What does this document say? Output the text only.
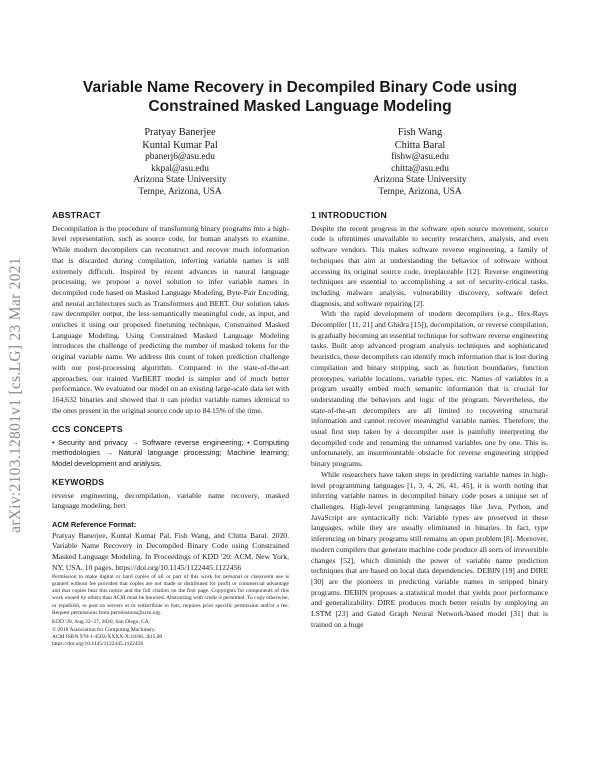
arXiv:2103.12801v1 [cs.LG] 23 Mar 2021
Variable Name Recovery in Decompiled Binary Code using Constrained Masked Language Modeling
Pratyay Banerjee
Kuntal Kumar Pal
pbanerj6@asu.edu
kkpal@asu.edu
Arizona State University
Tempe, Arizona, USA
Fish Wang
Chitta Baral
fishw@asu.edu
chitta@asu.edu
Arizona State University
Tempe, Arizona, USA
ABSTRACT

Decompilation is the procedure of transforming binary programs into a high-level representation, such as source code, for human analysts to examine. While modern decompilers can reconstruct and recover much information that is discarded during compilation, inferring variable names is still extremely difficult. Inspired by recent advances in natural language processing, we propose a novel solution to infer variable names in decompiled code based on Masked Language Modeling, Byte-Pair Encoding, and neural architectures such as Transformers and BERT. Our solution takes raw decompiler output, the less semantically meaningful code, as input, and enriches it using our proposed finetuning technique, Constrained Masked Language Modeling. Using Constrained Masked Language Modeling introduces the challenge of predicting the number of masked tokens for the original variable name. We address this count of token prediction challenge with our post-processing algorithm. Compared to the state-of-the-art approaches, our trained VarBERT model is simpler and of much better performance. We evaluated our model on an existing large-scale data set with 164,632 binaries and showed that it can predict variable names identical to the ones present in the original source code up to 84.15% of the time.

CCS CONCEPTS

• Security and privacy → Software reverse engineering; • Computing methodologies → Natural language processing; Machine learning; Model development and analysis.

KEYWORDS

reverse engineering, decompilation, variable name recovery, masked language modeling, bert

ACM Reference Format:

Pratyay Banerjee, Kuntal Kumar Pal, Fish Wang, and Chitta Baral. 2020. Variable Name Recovery in Decompiled Binary Code using Constrained Masked Language Modeling. In Proceedings of KDD '20. ACM, New York, NY, USA, 10 pages. https://doi.org/10.1145/1122445.1122456

Permission to make digital or hard copies of all or part of this work for personal or classroom use is granted without fee provided that copies are not made or distributed for profit or commercial advantage and that copies bear this notice and the full citation on the first page. Copyrights for components of this work owned by others than ACM must be honored. Abstracting with credit is permitted. To copy otherwise, or republish, to post on servers or to redistribute to lists, requires prior specific permission and/or a fee. Request permissions from permissions@acm.org.

KDD '20, Aug 22–27, 2020, San Diego, CA
© 2018 Association for Computing Machinery.
ACM ISBN 978-1-4503-XXXX-X/18/06...$15.00
https://doi.org/10.1145/1122445.1122456
1 INTRODUCTION

Despite the recent progress in the software open source movement, source code is oftentimes unavailable to security researchers, analysts, and even software vendors. This makes software reverse engineering, a family of techniques that aim at understanding the behavior of software without accessing its original source code, irreplaceable [12]. Reverse engineering techniques are essential to accomplishing a set of security-critical tasks, including malware analysis, vulnerability discovery, software defect diagnosis, and software repairing [2].

With the rapid development of modern decompilers (e.g., Hex-Rays Decompiler [11, 21] and Ghidra [15]), decompilation, or reverse compilation, is gradually becoming an essential technique for software reverse engineering tasks. Built atop advanced program analysis techniques and sophisticated heuristics, these decompilers can identify much information that is lost during compilation and binary stripping, such as function boundaries, function prototypes, variable locations, variable types, etc. Names of variables in a program usually embed much semantic information that is crucial for understanding the behaviors and logic of the program. Nevertheless, the state-of-the-art decompilers are all limited to recovering structural information and cannot recover meaningful variable names. Therefore, the usual first step taken by a decompiler user is painfully interpreting the decompiled code and renaming the unnamed variables one by one. This is, unfortunately, an insurmountable obstacle for reverse engineering stripped binary programs.

While researchers have taken steps in predicting variable names in high-level programming languages [1, 3, 4, 26, 41, 45], it is worth noting that inferring variable names in decompiled binary code poses a unique set of challenges. High-level programming languages like Java, Python, and JavaScript are syntactically rich: Variable types are preserved in these languages, while they are usually eliminated in binaries. In fact, type inferencing on binary programs still remains an open problem [8]. Moreover, modern compilers that generate machine code produce all sorts of irreversible changes [52], which diminish the power of variable name prediction techniques that are based on local data dependencies. DEBIN [19] and DIRE [30] are the pioneers in predicting variable names in stripped binary programs. DEBIN proposes a statistical model that yields poor performance and generalizability. DIRE produces much better results by employing an LSTM [23] and Gated Graph Neural Network-based model [31] that is trained on a huge
